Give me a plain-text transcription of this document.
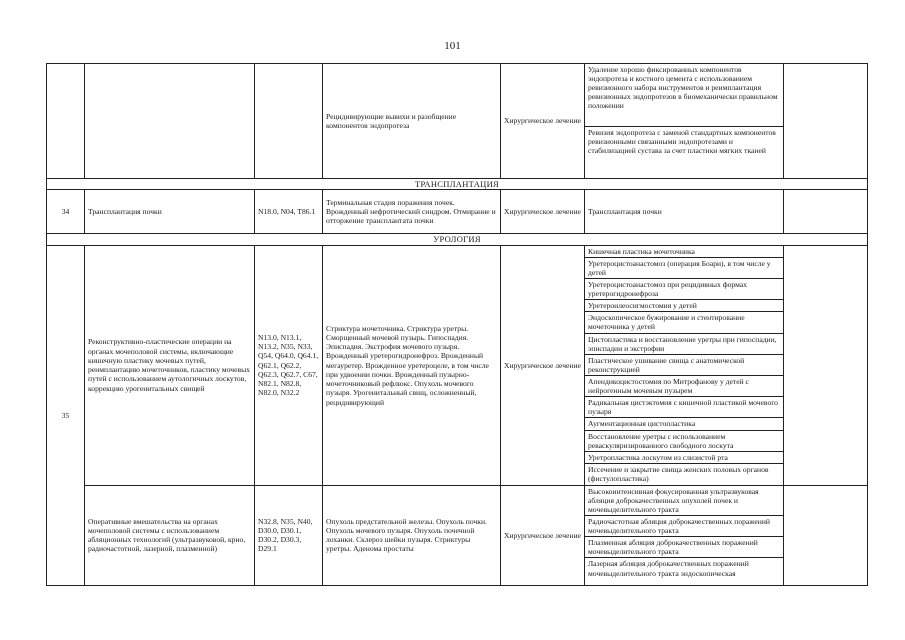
101
			Рецидивирующие вывихи и разобщение компонентов эндопротеза	Хирургическое лечение	
Удаление хорошо фиксированных компонентов эндопротеза и костного цемента с использованием ревизионного набора инструментов и реимплантация ревизионных эндопротезов в биомеханически правильном положении
Ревизия эндопротеза с заменой стандартных компонентов ревизионными связанными эндопротезами и стабилизацией сустава за счет пластики мягких тканей

ТРАНСПЛАНТАЦИЯ
34	Трансплантация почки	N18.0, N04, T86.1	Терминальная стадия поражения почек. Врожденный нефротический синдром. Отмирание и отторжение трансплантата почки	Хирургическое лечение	Трансплантация почки	
УРОЛОГИЯ
35	Реконструктивно-пластические операции на органах мочеполовой системы, включающие кишечную пластику мочевых путей, реимплантацию мочеточников, пластику мочевых путей с использованием аутологичных лоскутов, коррекцию урогенитальных свищей	N13.0, N13.1, N13.2, N35, N33, Q54, Q64.0, Q64.1, Q62.1, Q62.2, Q62.3, Q62.7, C67, N82.1, N82.8, N82.0, N32.2	Стриктура мочеточника. Стриктура уретры. Сморщенный мочевой пузырь. Гипоспадия. Эписпадия. Экстрофия мочевого пузыря. Врожденный уретерогидронефроз. Врожденный мегауретер. Врожденное уретероцеле, в том числе при удвоении почки. Врожденный пузырно-мочеточниковый рефлюкс. Опухоль мочевого пузыря. Урогенитальный свищ, осложненный, рецидивирующий	Хирургическое лечение	
Кишечная пластика мочеточника
Уретероцистоанастомоз (операция Боари), в том числе у детей
Уретероцистоанастомоз при рецидивных формах уретерогидронефроза
Уретероилеосигмостомия у детей
Эндоскопическое бужирование и стентирование мочеточника у детей
Цистопластика и восстановление уретры при гипоспадии, эписпадии и экстрофии
Пластическое ушивание свища с анатомической реконструкцией
Апендикоцистостомия по Митрофанову у детей с нейрогенным мочевым пузырем
Радикальная цистэктомия с кишечной пластикой мочевого пузыря
Аугментационная цистопластика
Восстановление уретры с использованием реваскуляризированного свободного лоскута
Уретропластика лоскутом из слизистой рта
Иссечение и закрытие свища женских половых органов (фистулопластика)

Оперативные вмешательства на органах мочеполовой системы с использованием абляционных технологий (ультразвуковой, крио, радиочастотной, лазерной, плазменной)	N32.8, N35, N40, D30.0, D30.1, D30.2, D30.3, D29.1	Опухоль предстательной железы. Опухоль почки. Опухоль мочевого пузыря. Опухоль почечной лоханки. Склероз шейки пузыря. Стриктуры уретры. Аденома простаты	Хирургическое лечение	
Высокоинтенсивная фокусированная ультразвуковая абляция доброкачественных опухолей почек и мочевыделительного тракта
Радиочастотная абляция доброкачественных поражений мочевыделительного тракта
Плазменная абляция доброкачественных поражений мочевыделительного тракта
Лазерная абляция доброкачественных поражений мочевыделительного тракта эндоскопическая
